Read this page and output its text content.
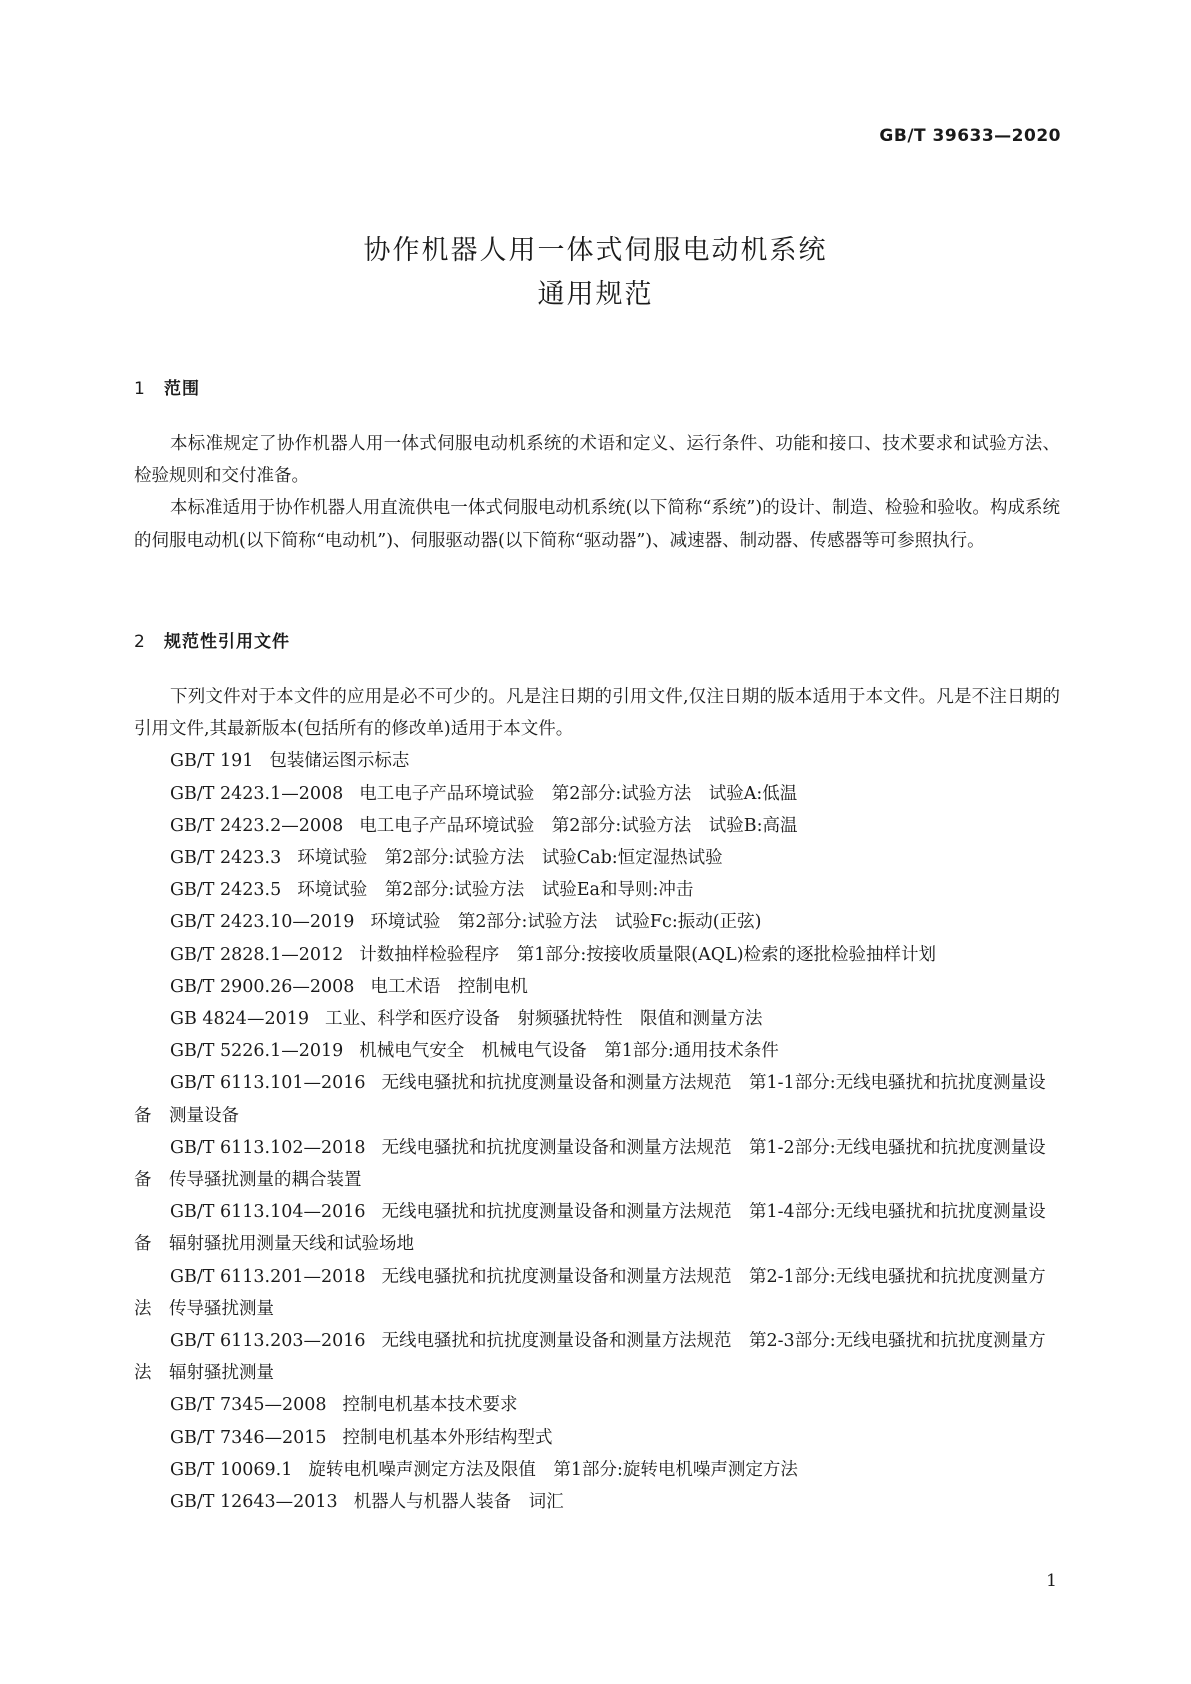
GB/T 39633—2020
协作机器人用一体式伺服电动机系统
通用规范
1 范围

本标准规定了协作机器人用一体式伺服电动机系统的术语和定义、运行条件、功能和接口、技术要求和试验方法、检验规则和交付准备。

本标准适用于协作机器人用直流供电一体式伺服电动机系统(以下简称“系统”)的设计、制造、检验和验收。构成系统的伺服电动机(以下简称“电动机”)、伺服驱动器(以下简称“驱动器”)、减速器、制动器、传感器等可参照执行。

2 规范性引用文件

下列文件对于本文件的应用是必不可少的。凡是注日期的引用文件,仅注日期的版本适用于本文件。凡是不注日期的引用文件,其最新版本(包括所有的修改单)适用于本文件。

GB/T 191 包装储运图示标志

GB/T 2423.1—2008 电工电子产品环境试验　第2部分:试验方法　试验A:低温

GB/T 2423.2—2008 电工电子产品环境试验　第2部分:试验方法　试验B:高温

GB/T 2423.3 环境试验　第2部分:试验方法　试验Cab:恒定湿热试验

GB/T 2423.5 环境试验　第2部分:试验方法　试验Ea和导则:冲击

GB/T 2423.10—2019 环境试验　第2部分:试验方法　试验Fc:振动(正弦)

GB/T 2828.1—2012 计数抽样检验程序　第1部分:按接收质量限(AQL)检索的逐批检验抽样计划

GB/T 2900.26—2008 电工术语　控制电机

GB 4824—2019 工业、科学和医疗设备　射频骚扰特性　限值和测量方法

GB/T 5226.1—2019 机械电气安全　机械电气设备　第1部分:通用技术条件

GB/T 6113.101—2016 无线电骚扰和抗扰度测量设备和测量方法规范　第1-1部分:无线电骚扰和抗扰度测量设备　测量设备

GB/T 6113.102—2018 无线电骚扰和抗扰度测量设备和测量方法规范　第1-2部分:无线电骚扰和抗扰度测量设备　传导骚扰测量的耦合装置

GB/T 6113.104—2016 无线电骚扰和抗扰度测量设备和测量方法规范　第1-4部分:无线电骚扰和抗扰度测量设备　辐射骚扰用测量天线和试验场地

GB/T 6113.201—2018 无线电骚扰和抗扰度测量设备和测量方法规范　第2-1部分:无线电骚扰和抗扰度测量方法　传导骚扰测量

GB/T 6113.203—2016 无线电骚扰和抗扰度测量设备和测量方法规范　第2-3部分:无线电骚扰和抗扰度测量方法　辐射骚扰测量

GB/T 7345—2008 控制电机基本技术要求

GB/T 7346—2015 控制电机基本外形结构型式

GB/T 10069.1 旋转电机噪声测定方法及限值　第1部分:旋转电机噪声测定方法

GB/T 12643—2013 机器人与机器人装备　词汇

1
